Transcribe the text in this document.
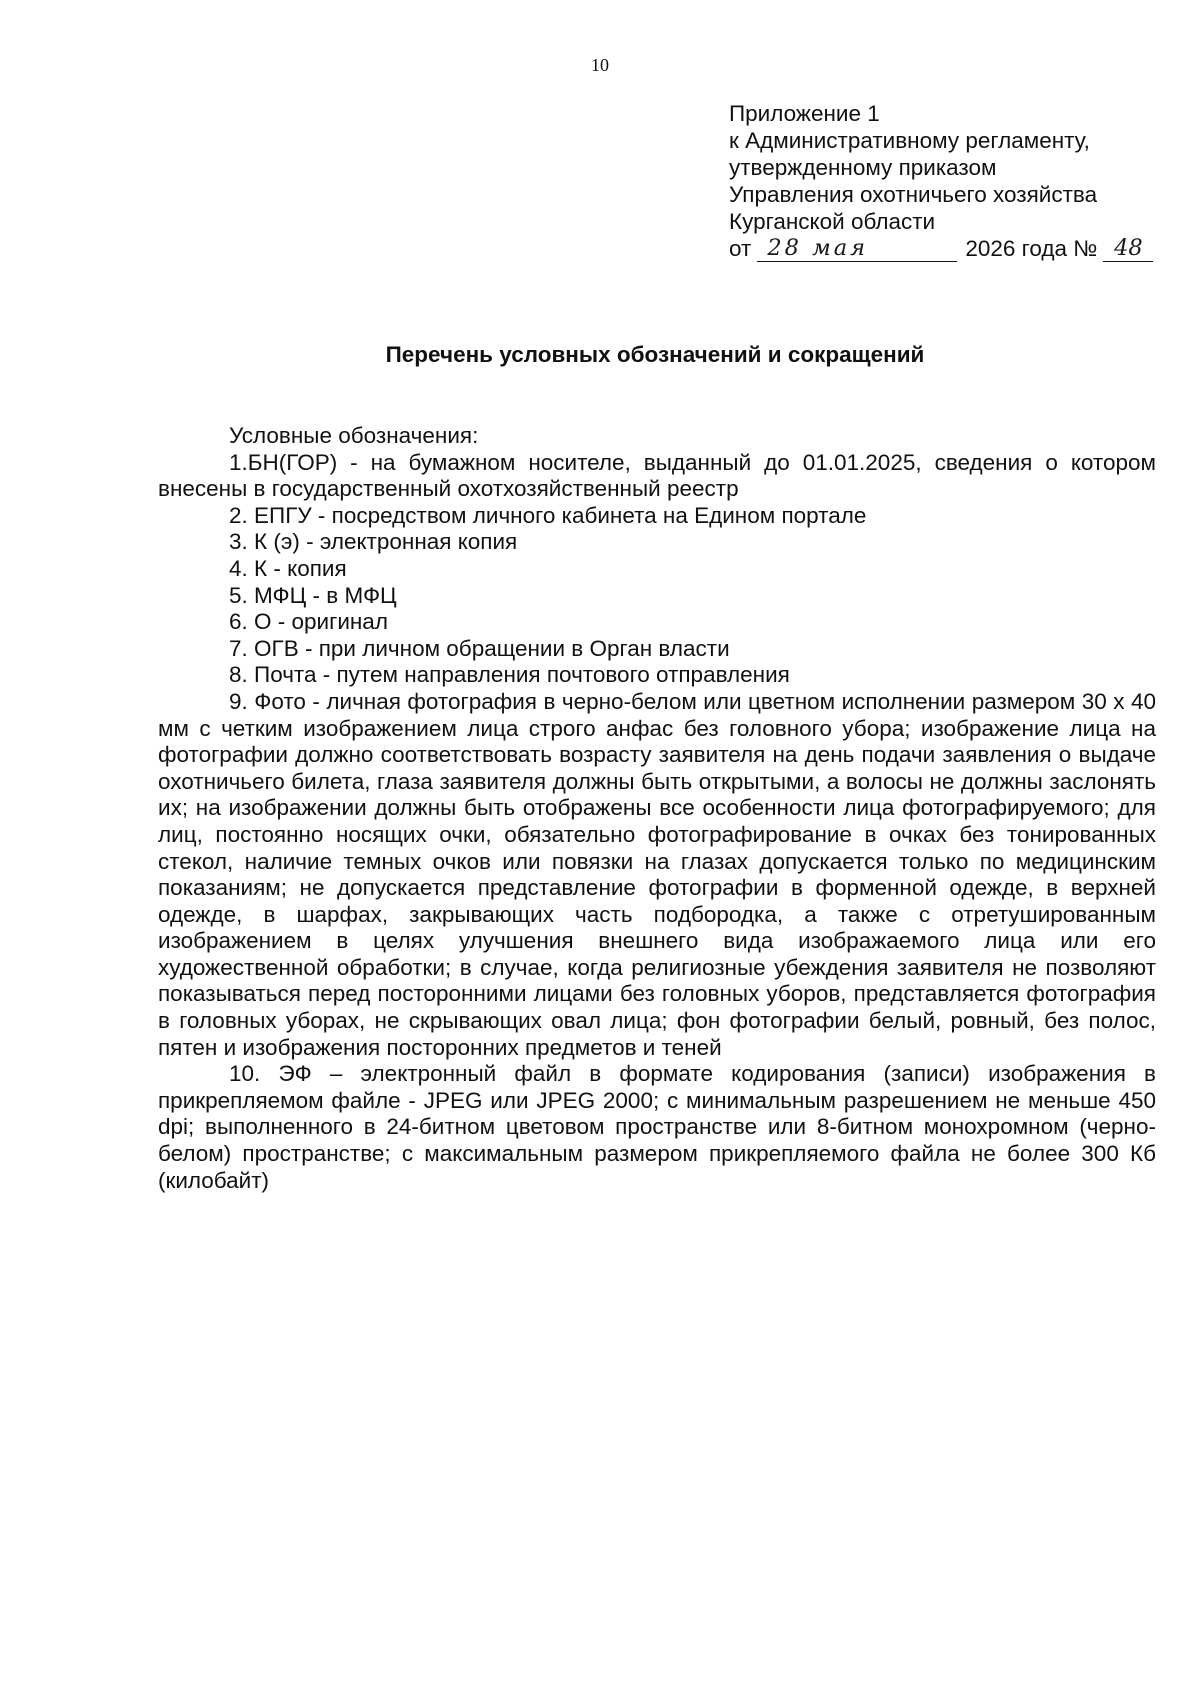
10
Приложение 1
к Административному регламенту,
утвержденному приказом
Управления охотничьего хозяйства
Курганской области
от 28 мая	2026 года № 48
Перечень условных обозначений и сокращений

Условные обозначения:

1.БН(ГОР) - на бумажном носителе, выданный до 01.01.2025, сведения о котором внесены в государственный охотхозяйственный реестр

2. ЕПГУ - посредством личного кабинета на Едином портале

3. К (э) - электронная копия

4. К - копия

5. МФЦ - в МФЦ

6. О - оригинал

7. ОГВ - при личном обращении в Орган власти

8. Почта - путем направления почтового отправления

9. Фото - личная фотография в черно-белом или цветном исполнении размером 30 х 40 мм с четким изображением лица строго анфас без головного убора; изображение лица на фотографии должно соответствовать возрасту заявителя на день подачи заявления о выдаче охотничьего билета, глаза заявителя должны быть открытыми, а волосы не должны заслонять их; на изображении должны быть отображены все особенности лица фотографируемого; для лиц, постоянно носящих очки, обязательно фотографирование в очках без тонированных стекол, наличие темных очков или повязки на глазах допускается только по медицинским показаниям; не допускается представление фотографии в форменной одежде, в верхней одежде, в шарфах, закрывающих часть подбородка, а также с отретушированным изображением в целях улучшения внешнего вида изображаемого лица или его художественной обработки; в случае, когда религиозные убеждения заявителя не позволяют показываться перед посторонними лицами без головных уборов, представляется фотография в головных уборах, не скрывающих овал лица; фон фотографии белый, ровный, без полос, пятен и изображения посторонних предметов и теней

10. ЭФ – электронный файл в формате кодирования (записи) изображения в прикрепляемом файле - JPEG или JPEG 2000; с минимальным разрешением не меньше 450 dpi; выполненного в 24-битном цветовом пространстве или 8-битном монохромном (черно-белом) пространстве; с максимальным размером прикрепляемого файла не более 300 Кб (килобайт)
